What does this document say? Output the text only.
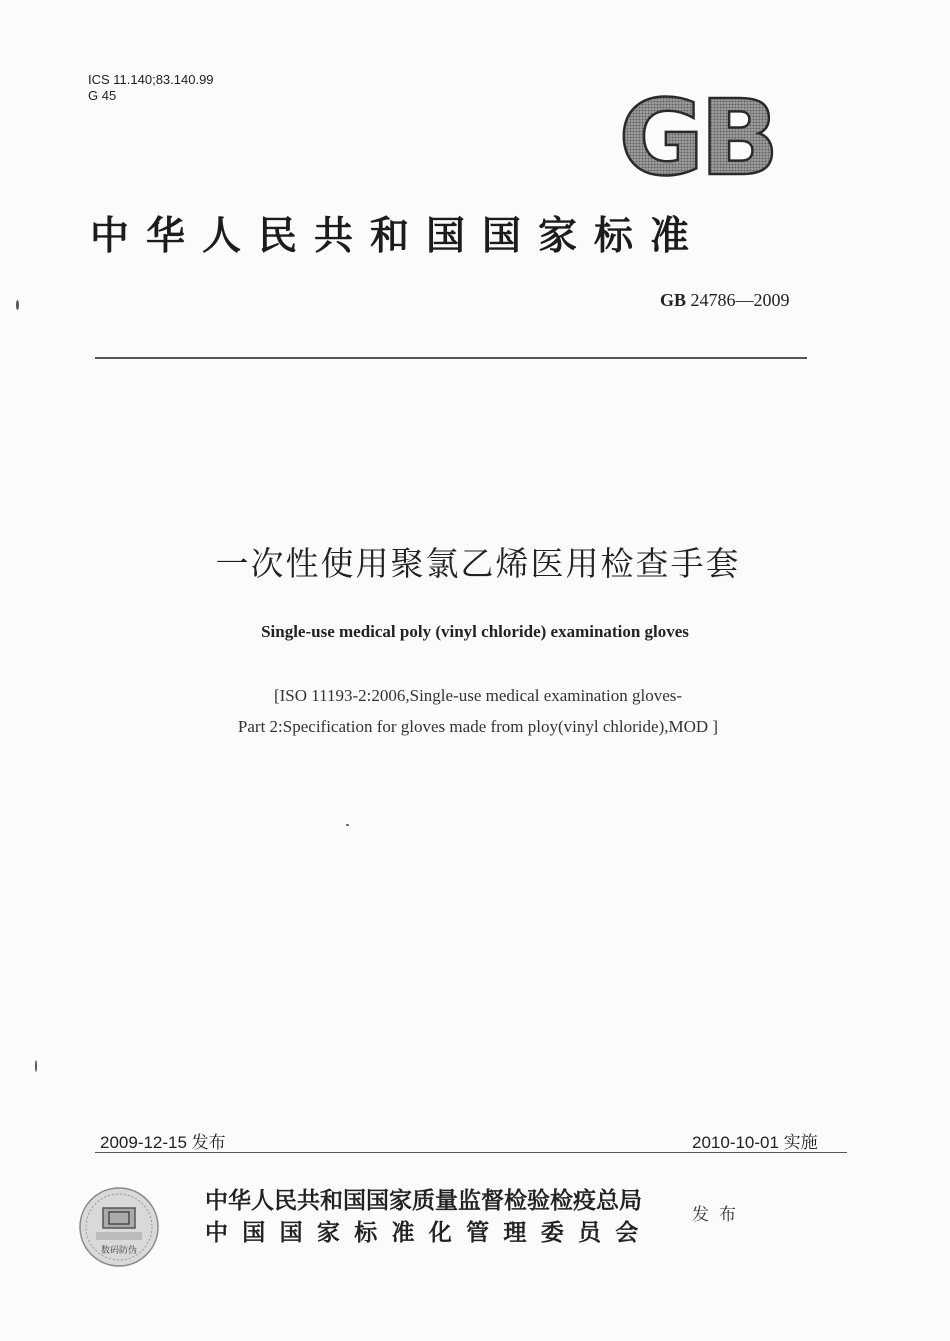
ICS 11.140;83.140.99
G 45	GB
中华人民共和国国家标准
GB 24786—2009
一次性使用聚氯乙烯医用检查手套
Single-use medical poly (vinyl chloride) examination gloves
[ISO 11193-2:2006,Single-use medical examination gloves-
Part 2:Specification for gloves made from ploy(vinyl chloride),MOD ]
2009-12-15 发布	2010-10-01 实施
数码防伪
中华人民共和国国家质量监督检验检疫总局
中国国家标准化管理委员会
发布
